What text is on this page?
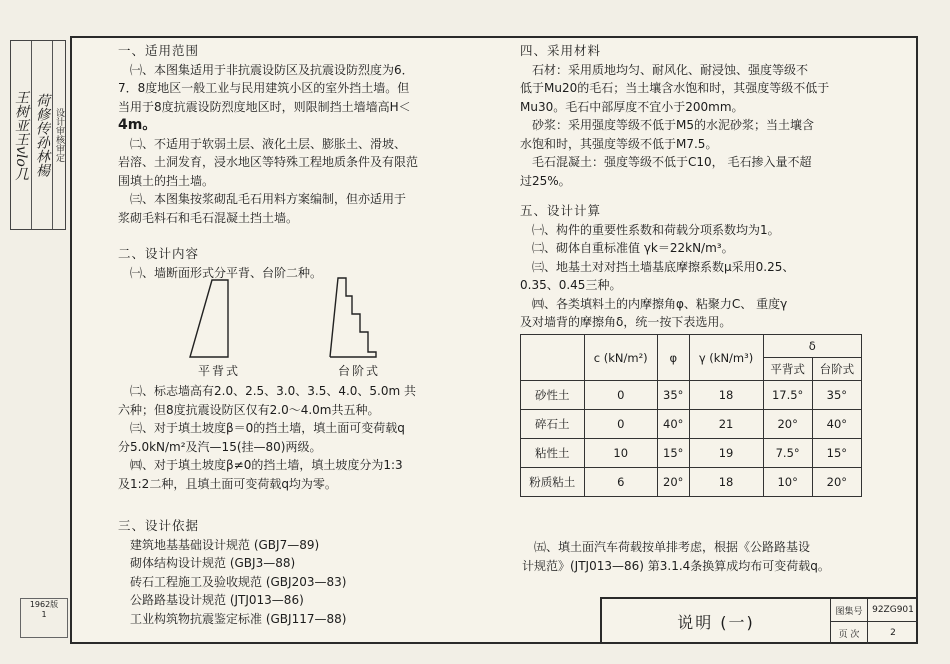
王树亚
王vlo几
荷修传
孙林楊
设计
审核
审定
1962版
1

一、适用范围

㈠、本图集适用于非抗震设防区及抗震设防烈度为6．

7．8度地区一般工业与民用建筑小区的室外挡土墙。但

当用于8度抗震设防烈度地区时，则限制挡土墙墙高H＜

4m。

㈡、不适用于软弱土层、液化土层、膨胀土、滑坡、

岩溶、土洞发育，浸水地区等特殊工程地质条件及有限范

围填土的挡土墙。

㈢、本图集按浆砌乱毛石用料方案编制，但亦适用于

浆砌毛料石和毛石混凝土挡土墙。

二、设计内容

㈠、墙断面形式分平背、台阶二种。

平背式	台阶式

㈡、标志墙高有2.0、2.5、3.0、3.5、4.0、5.0m 共

六种；但8度抗震设防区仅有2.0～4.0m共五种。

㈢、对于填土坡度β＝0的挡土墙，填土面可变荷载q

分5.0kN/m²及汽—15(挂—80)两级。

㈣、对于填土坡度β≠0的挡土墙，填土坡度分为1:3

及1:2二种，且填土面可变荷载q均为零。

三、设计依据

建筑地基基础设计规范 (GBJ7—89)

砌体结构设计规范 (GBJ3—88)

砖石工程施工及验收规范 (GBJ203—83)

公路路基设计规范 (JTJ013—86)

工业构筑物抗震鉴定标准 (GBJ117—88)

四、采用材料

石材：采用质地均匀、耐风化、耐浸蚀、强度等级不

低于Mu20的毛石；当土壤含水饱和时，其强度等级不低于

Mu30。毛石中部厚度不宜小于200mm。

砂浆：采用强度等级不低于M5的水泥砂浆；当土壤含

水饱和时，其强度等级不低于M7.5。

毛石混凝土：强度等级不低于C10， 毛石掺入量不超

过25%。

五、设计计算

㈠、构件的重要性系数和荷载分项系数均为1。

㈡、砌体自重标准值 γk＝22kN/m³。

㈢、地基土对对挡土墙基底摩擦系数μ采用0.25、

0.35、0.45三种。

㈣、各类填料土的内摩擦角φ、粘聚力C、 重度γ

及对墙背的摩擦角δ，统一按下表选用。

	c (kN/m²)	φ	γ (kN/m³)	δ	
				平背式	台阶式
砂性土	0	35°	18	17.5°	35°
碎石土	0	40°	21	20°	40°
粘性土	10	15°	19	7.5°	15°
粉质粘土	6	20°	18	10°	20°

㈤、填土面汽车荷载按单排考虑，根据《公路路基设

计规范》(JTJ013—86) 第3.1.4条换算成均布可变荷载q。

说明 (一)
图集号	92ZG901
页 次	2
